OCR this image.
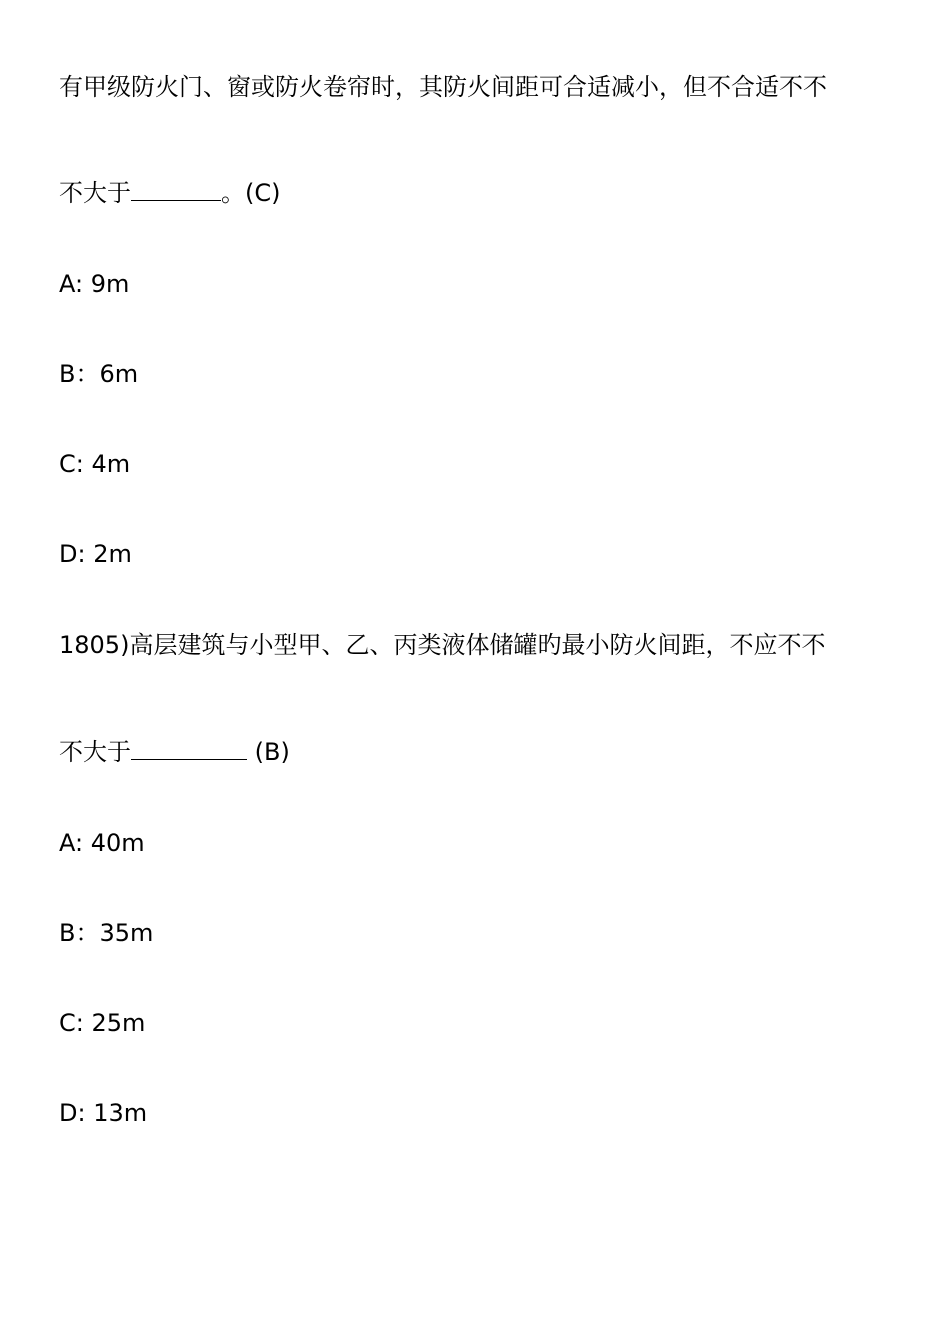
有甲级防火门、窗或防火卷帘时，其防火间距可合适减小，但不合适不不
不大于	。(C)
A: 9m
B：6m
C: 4m
D: 2m
1805)高层建筑与小型甲、乙、丙类液体储罐旳最小防火间距，不应不不
不大于	(B)
A: 40m
B：35m
C: 25m
D: 13m
